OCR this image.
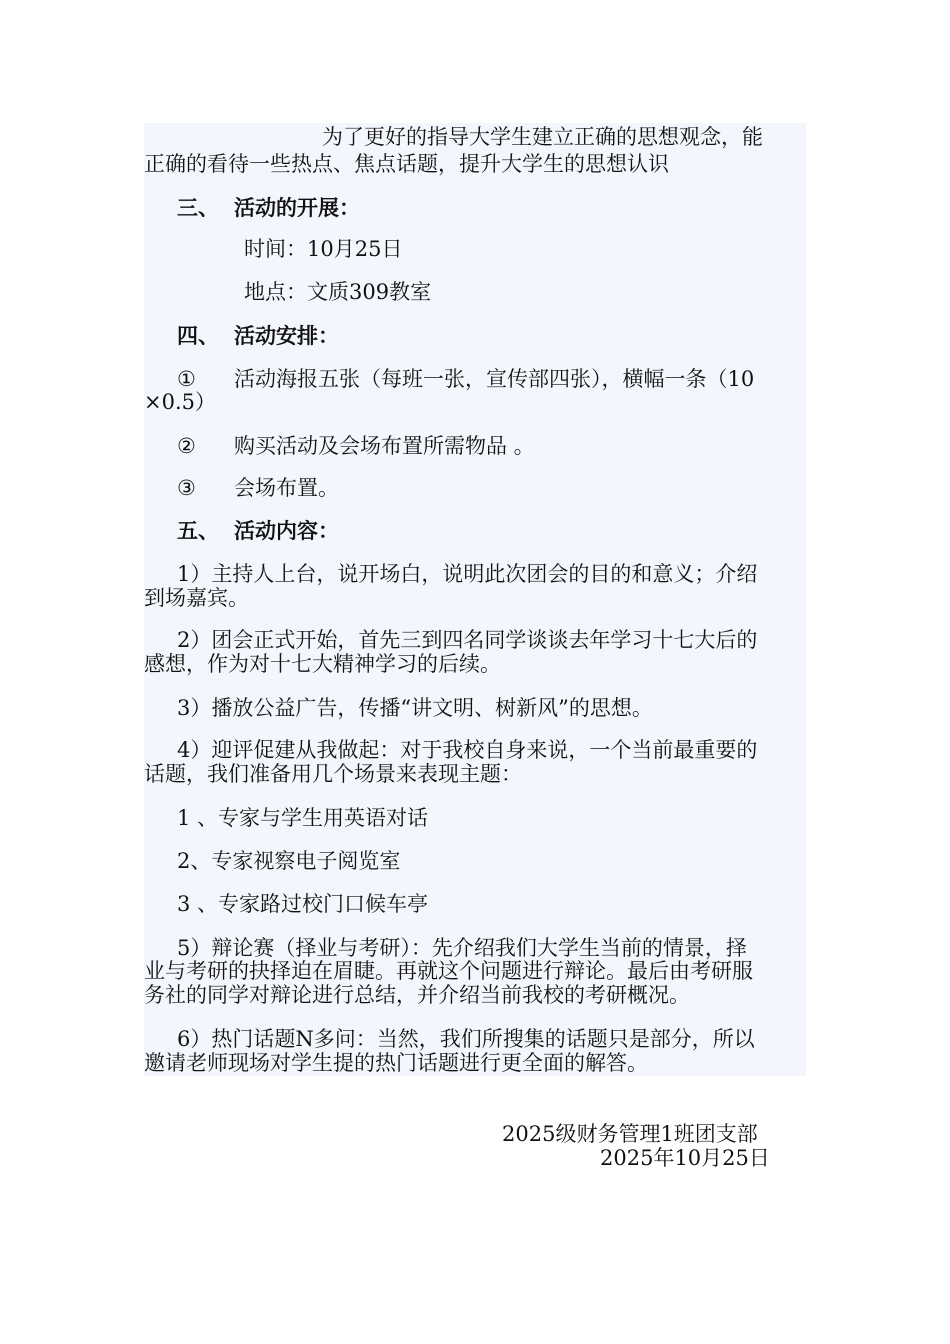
为了更好的指导大学生建立正确的思想观念，能
正确的看待一些热点、焦点话题，提升大学生的思想认识
三、 活动的开展：
时间：10月25日
地点：文质309教室
四、 活动安排：
① 活动海报五张（每班一张，宣传部四张），横幅一条（10
×0.5）
② 购买活动及会场布置所需物品 。
③ 会场布置。
五、 活动内容：
1）主持人上台，说开场白，说明此次团会的目的和意义；介绍
到场嘉宾。
2）团会正式开始，首先三到四名同学谈谈去年学习十七大后的
感想，作为对十七大精神学习的后续。
3）播放公益广告，传播“讲文明、树新风”的思想。
4）迎评促建从我做起：对于我校自身来说，一个当前最重要的
话题，我们准备用几个场景来表现主题：
1 、专家与学生用英语对话
2、专家视察电子阅览室
3 、专家路过校门口候车亭
5）辩论赛（择业与考研）：先介绍我们大学生当前的情景，择
业与考研的抉择迫在眉睫。再就这个问题进行辩论。最后由考研服
务社的同学对辩论进行总结，并介绍当前我校的考研概况。
6）热门话题N多问：当然，我们所搜集的话题只是部分，所以
邀请老师现场对学生提的热门话题进行更全面的解答。
2025级财务管理1班团支部
2025年10月25日
